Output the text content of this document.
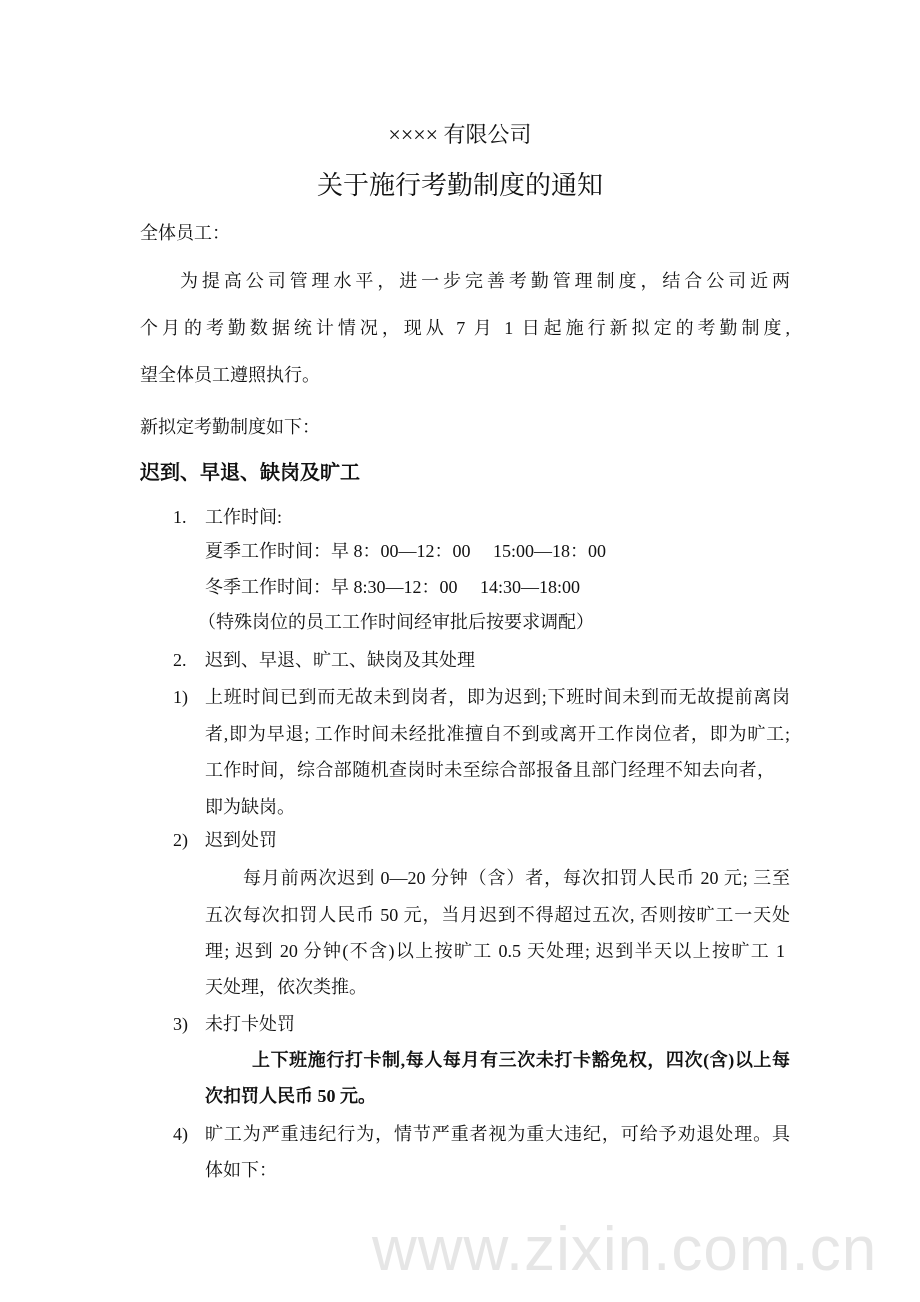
www.zixin.com.cn
×××× 有限公司
关于施行考勤制度的通知
全体员工：
为提高公司管理水平，进一步完善考勤管理制度，结合公司近两
个月的考勤数据统计情况，现从 7 月 1 日起施行新拟定的考勤制度,
望全体员工遵照执行。
新拟定考勤制度如下：
迟到、早退、缺岗及旷工
1. 工作时间:
夏季工作时间：早 8：00—12：00　 15:00—18：00
冬季工作时间：早 8:30—12：00　 14:30—18:00
（特殊岗位的员工工作时间经审批后按要求调配）
2. 迟到、早退、旷工、缺岗及其处理
1) 上班时间已到而无故未到岗者，即为迟到;下班时间未到而无故提前离岗
者,即为早退; 工作时间未经批准擅自不到或离开工作岗位者，即为旷工;
工作时间，综合部随机查岗时未至综合部报备且部门经理不知去向者，
即为缺岗。
2) 迟到处罚
每月前两次迟到 0—20 分钟（含）者，每次扣罚人民币 20 元; 三至
五次每次扣罚人民币 50 元，当月迟到不得超过五次, 否则按旷工一天处
理; 迟到 20 分钟(不含)以上按旷工 0.5 天处理; 迟到半天以上按旷工 1
天处理，依次类推。
3) 未打卡处罚
上下班施行打卡制,每人每月有三次未打卡豁免权，四次(含)以上每
次扣罚人民币 50 元。
4) 旷工为严重违纪行为，情节严重者视为重大违纪，可给予劝退处理。具
体如下：
